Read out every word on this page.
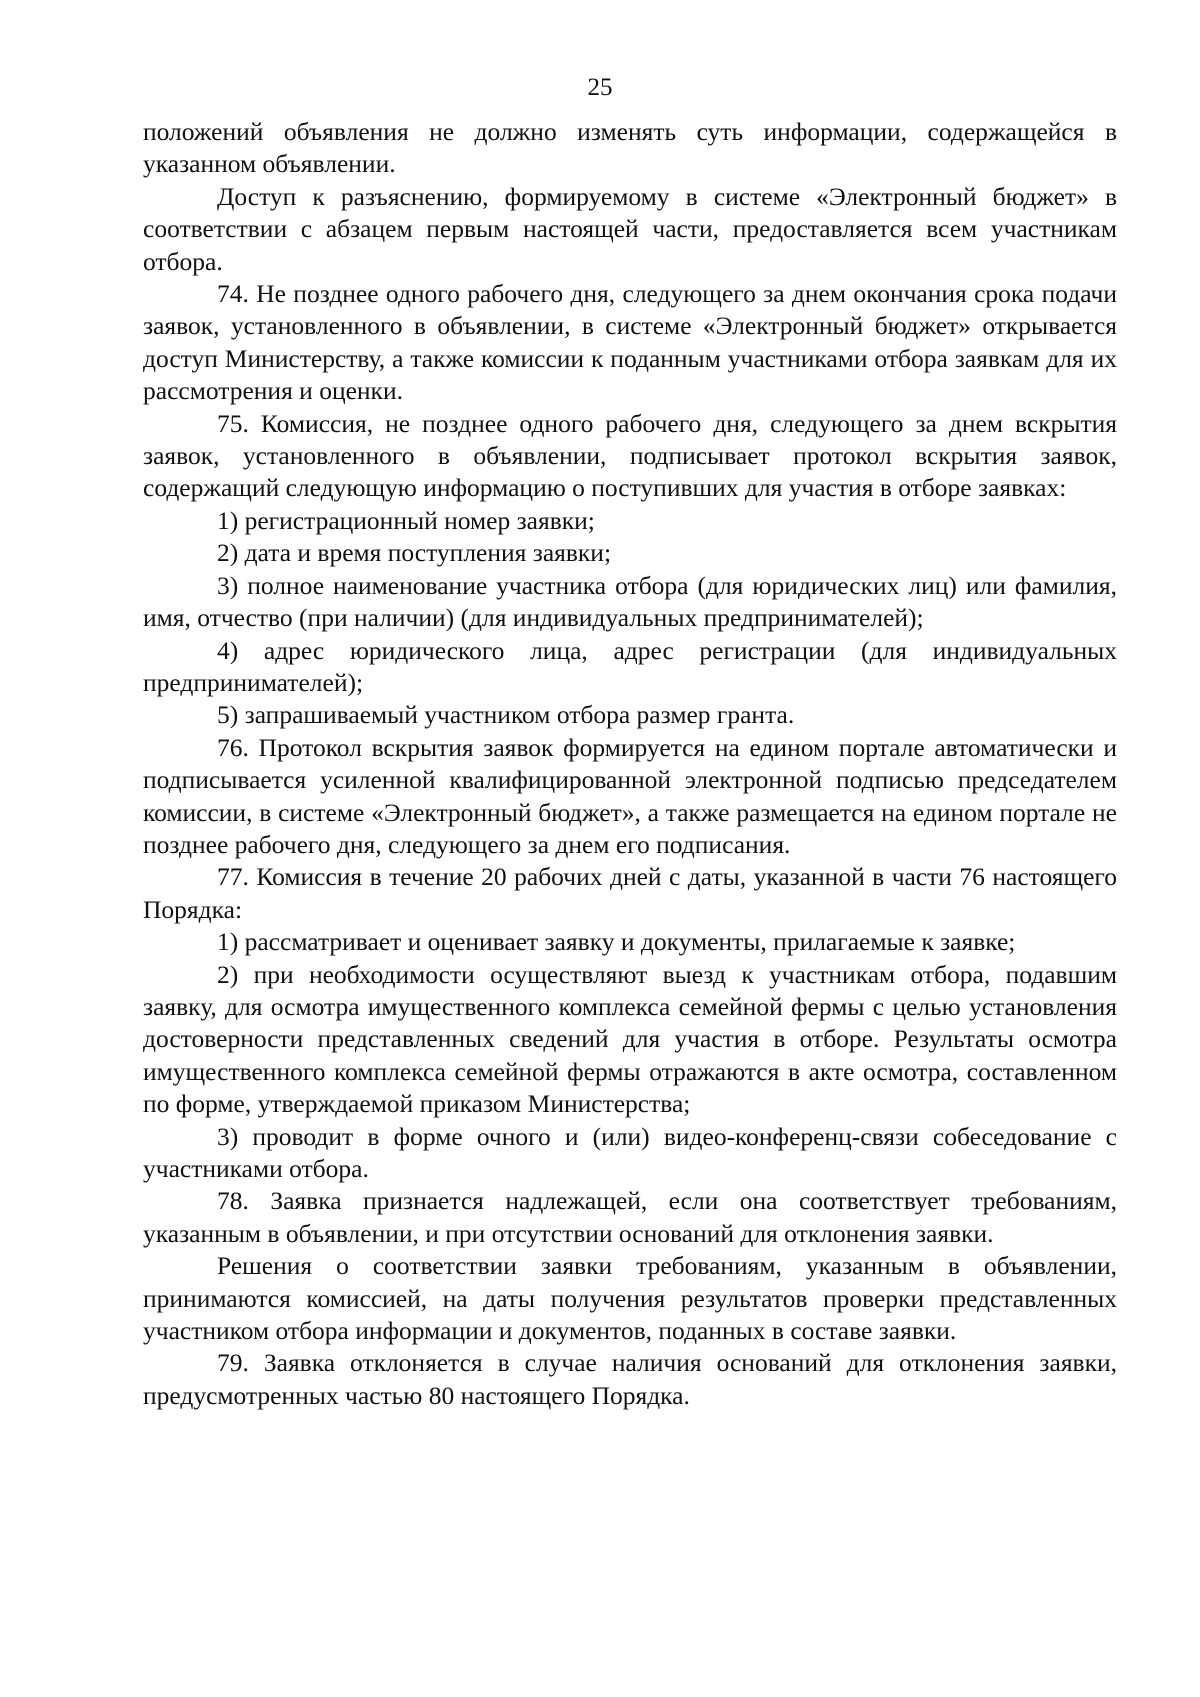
25

положений объявления не должно изменять суть информации, содержащейся в указанном объявлении.

Доступ к разъяснению, формируемому в системе «Электронный бюджет» в соответствии с абзацем первым настоящей части, предоставляется всем участникам отбора.

74. Не позднее одного рабочего дня, следующего за днем окончания срока подачи заявок, установленного в объявлении, в системе «Электронный бюджет» открывается доступ Министерству, а также комиссии к поданным участниками отбора заявкам для их рассмотрения и оценки.

75. Комиссия, не позднее одного рабочего дня, следующего за днем вскрытия заявок, установленного в объявлении, подписывает протокол вскрытия заявок, содержащий следующую информацию о поступивших для участия в отборе заявках:

1) регистрационный номер заявки;

2) дата и время поступления заявки;

3) полное наименование участника отбора (для юридических лиц) или фамилия, имя, отчество (при наличии) (для индивидуальных предпринимателей);

4) адрес юридического лица, адрес регистрации (для индивидуальных предпринимателей);

5) запрашиваемый участником отбора размер гранта.

76. Протокол вскрытия заявок формируется на едином портале автоматически и подписывается усиленной квалифицированной электронной подписью председателем комиссии, в системе «Электронный бюджет», а также размещается на едином портале не позднее рабочего дня, следующего за днем его подписания.

77. Комиссия в течение 20 рабочих дней с даты, указанной в части 76 настоящего Порядка:

1) рассматривает и оценивает заявку и документы, прилагаемые к заявке;

2) при необходимости осуществляют выезд к участникам отбора, подавшим заявку, для осмотра имущественного комплекса семейной фермы с целью установления достоверности представленных сведений для участия в отборе. Результаты осмотра имущественного комплекса семейной фермы отражаются в акте осмотра, составленном по форме, утверждаемой приказом Министерства;

3) проводит в форме очного и (или) видео-конференц-связи собеседование с участниками отбора.

78. Заявка признается надлежащей, если она соответствует требованиям, указанным в объявлении, и при отсутствии оснований для отклонения заявки.

Решения о соответствии заявки требованиям, указанным в объявлении, принимаются комиссией, на даты получения результатов проверки представленных участником отбора информации и документов, поданных в составе заявки.

79. Заявка отклоняется в случае наличия оснований для отклонения заявки, предусмотренных частью 80 настоящего Порядка.
